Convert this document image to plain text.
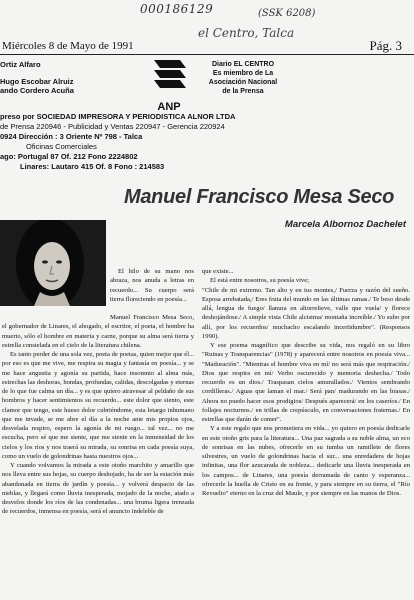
000186129	(SSK 6208)
el Centro, Talca
Miércoles 8 de Mayo de 1991	Pág. 3
Ortiz Alfaro
Hugo Escobar Alruiz
ando Cordero Acuña
ANP
Diario EL CENTRO
Es miembro de La
Asociación Nacional
de la Prensa
preso por SOCIEDAD IMPRESORA Y PERIODISTICA ALNOR LTDA
de Prensa 220946 - Publicidad y Ventas 220947 - Gerencia 220924
0924 Dirección : 3 Oriente Nº 798 - Talca
Oficinas Comerciales
ago: Portugal 87 Of. 212 Fono 2224802
Linares: Lautaro 415 Of. 8 Fono : 214583
Manuel Francisco Mesa Seco
Marcela Albornoz Dachelet

El hilo de su mano nos abraza, nos anuda a letras en recuerdo... Su cuerpo será tierra floreciendo en poesía...

Manuel Francisco Mesa Seco, el gobernador de Linares, el abogado, el escritor, el poeta, el hombre ha muerto, sólo el hombre en materia y carne, porque su alma será tierra y estrella constelada en el cielo de la literatura chilena.

Es tanto perder de una sola vez, poeta de poetas, quien mejor que él... por eso es que me vive, me respira su magia y fantasía en poesía... y se me hace angustia y agonía su partida, hace insomnio al alma más, estrechas las deshoras, hondas, profundas, calidas, descolgadas y eternas de lo que fue calma un día... y es que quiero atravesar al peldaño de sus hombros y hacer sentimientos su recuerdo... este dolor que siento, este clamor que tengo, este hueso dolor cubriéndome, esta letargo inhumano que me invade, se me abre el día a la noche ante mis propios ojos, desvelada respiro, espero la agonía de mi ruego... tal vez... no me escucha, pero sé que me siente, que me siente en la inmensidad de los cielos y los ríos y nos traerá su mirada, su sonrisa en cada poesía suya, como un vuelo de golondrinas hasta nuestros ojos...

Y cuando volvamos la mirada a este otoño marchito y amarillo que nos lleva entre sus hojas, su cuerpo deshojado, ha de ser la estación más abandonada en tierra de jardín y poesía... y volverá despacio de las nieblas, y llegará como lluvia inesperada, mojado de la noche, atado a desvelos donde los ríos de las condenadas... una bruma ligera trenzada de recuerdos, inmensa en poesía, será el anuncio indeleble de

que existe...

El está entre nosotros, su poesía vive;

"Chile de mi extremo. Tan alto y en tus montes,/ Fuerza y razón del sueño. Esposa arrebatada,/ Eres fruta del mundo en las últimas ramas./ Te beso desde allá, lengua de fuego/ llanura en altorrelieve, valle que vuela/ y florece deshojándose./ A simple vista Chile alcisima/ montaña increíble./ Yo subo por allí, por los recuerdos/ muchacho escalando incertidumbre". (Responsos 1990).

Y ese poema magnífico que describe su vida, nos regaló en su libro "Ruinas y Transparencias" (1978) y aparecerá entre nosotros en poesía viva... "Maduración". "Mientras el hombre viva en mí/ no será más que respiración./ Dios que respira en mí/ Verbo oscurecido y memoria deshecha./ Todo recuerdo es un dios./ Traspasan cielos amurallados./ Vientos sembrando cordilleras./ Aguas que laman el mar./ Será pan/ madurando en las brasas./ Ahora no puedo hacer esos prodigios/ Después aparecerá/ en los caseríos./ En follajes nocturnos./ en trillas de crepúsculo, en conversaciones fraternas./ En estrellas que darán de comer".

Y a este regalo que nos prometiera en vida... yo quiero en poesía dedicarle en este otoño gris para la literatura... Una paz sagrada a su noble alma, un eco de sonrisas en las nubes, ofrecerle en su tumba un ramillete de flores silvestres, un vuelo de golondrinas hacia el sur... una enredadera de hojas infinitas, una flor azucarada de nobleza... dedicarle una lluvia inesperada en los campos... de Linares, una poesía derramada de canto y esperanza... ofrecerle la huella de Cristo en su frente, y para siempre en su tierra, el "Río Revuelto" eterno en la cruz del Maule, y por siempre en las manos de Dios.
